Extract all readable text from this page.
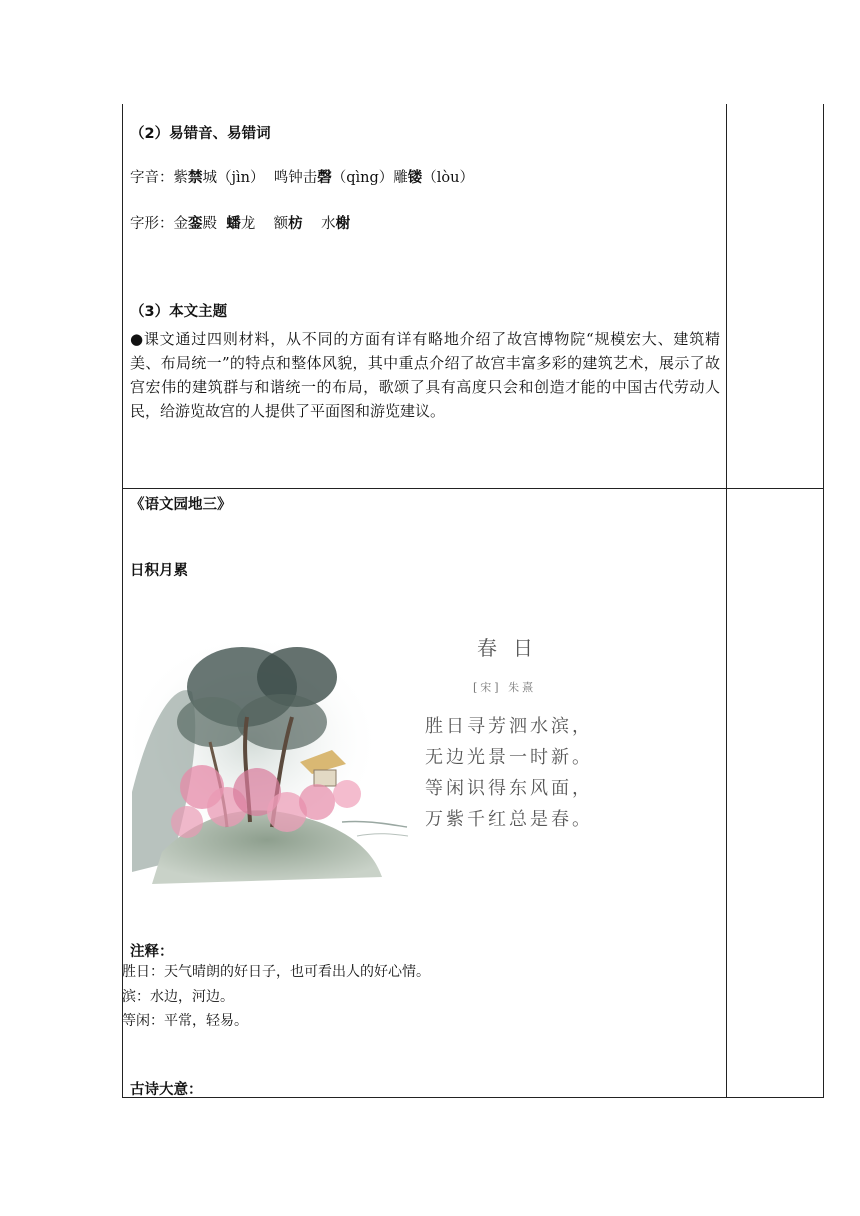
（2）易错音、易错词
字音：紫禁城（jìn） 鸣钟击磬（qìng）雕镂（lòu）
字形：金銮殿 蟠龙 额枋 水榭
（3）本文主题
●课文通过四则材料，从不同的方面有详有略地介绍了故宫博物院“规模宏大、建筑精美、布局统一”的特点和整体风貌，其中重点介绍了故宫丰富多彩的建筑艺术，展示了故宫宏伟的建筑群与和谐统一的布局，歌颂了具有高度只会和创造才能的中国古代劳动人民，给游览故宫的人提供了平面图和游览建议。
《语文园地三》
日积月累
春日
[宋] 朱熹
胜日寻芳泗水滨，
无边光景一时新。
等闲识得东风面，
万紫千红总是春。
注释：
胜日：天气晴朗的好日子，也可看出人的好心情。
滨：水边，河边。
等闲：平常，轻易。
古诗大意：
